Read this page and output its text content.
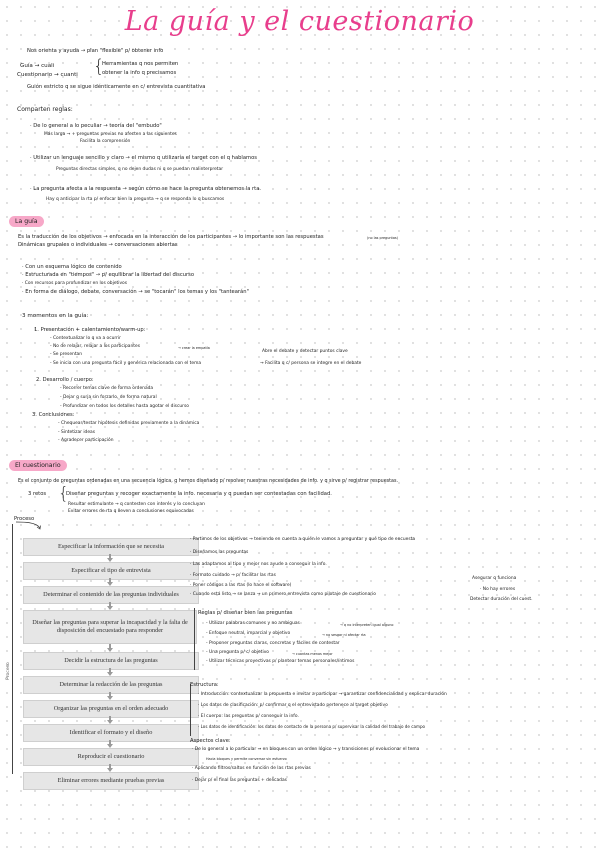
La guía y el cuestionario
Nos orienta y ayuda → plan "flexible" p/ obtener info
Guía → cuali
Cuestionario → cuanti {
Herramientas q nos permiten
obtener la info q precisamos
Guión estricto q se sigue idénticamente en c/ entrevista cuantitativa
Comparten reglas:
· De lo general a lo peculiar → teoría del "embudo"
Más larga → + preguntas previas no afecten a las siguientes
Facilita la comprensión
· Utilizar un lenguaje sencillo y claro → el mismo q utilizaría el target con el q hablamos
Preguntas directas simples, q no dejen dudas ni q se puedan malinterpretar
· La pregunta afecta a la respuesta → según cómo se hace la pregunta obtenemos la rta.
Hay q anticipar la rta p/ enfocar bien la pregunta → q se responda lo q buscamos
La guía
Es la traducción de los objetivos → enfocada en la interacción de los participantes → lo importante son las respuestas	(no las preguntas)
Dinámicas grupales o individuales → conversaciones abiertas
· Con un esquema lógico de contenido
· Estructurada en "tiempos" → p/ equilibrar la libertad del discurso
· Con recursos para profundizar en los objetivos
· En forma de diálogo, debate, conversación → se "tocarán" los temas y los "tantearán"
3 momentos en la guía:
1. Presentación + calentamiento/warm-up:
- Contextualizar lo q va a ocurrir
- No de relajar, relajar a los participantes	→ crear la empatía
- Se presentan
- Se inicia con una pregunta fácil y genérica relacionada con el tema
Abre el debate y detectar puntos clave
→ Facilita q c/ persona se integre en el debate
2. Desarrollo / cuerpo:
- Recorrer temas clave de forma ordenada
- Dejar q surja sin forzarlo, de forma natural
- Profundizar en todos los detalles hasta agotar el discurso
3. Conclusiones:
- Chequear/testar hipótesis definidas previamente a la dinámica
- Sintetizar ideas
- Agradecer participación
El cuestionario
Es el conjunto de preguntas ordenadas en una secuencia lógica, q hemos diseñado p/ resolver nuestras necesidades de info. y q sirve p/ registrar respuestas.
3 retos {
Diseñar preguntas y recoger exactamente la info. necesaria y q puedan ser contestadas con facilidad.
Resultar estimulante → q contesten con interés y lo concluyan
Evitar errores de rta q lleven a conclusiones equivocadas
Proceso
Proceso
Especificar la información que se necesita
Especificar el tipo de entrevista
Determinar el contenido de las preguntas individuales
Diseñar las preguntas para superar la incapacidad y la falta de disposición del encuestado para responder
Decidir la estructura de las preguntas
Determinar la redacción de las preguntas
Organizar las preguntas en el orden adecuado
Identificar el formato y el diseño
Reproducir el cuestionario
Eliminar errores mediante pruebas previas
· Partimos de los objetivos → teniendo en cuenta a quién le vamos a preguntar y qué tipo de encuesta
· Diseñamos las preguntas
· Las adaptamos al tipo y mejor nos ayude a conseguir la info.
· Formato cuidado → p/ facilitar las rtas
· Poner códigos a las rtas (lo hace el software)
· Cuando está listo → se lanza → un primero entrevista como pilotaje de cuestionario
Asegurar q funciona
· No hay errores
Detectar duración del cuest.
Reglas p/ diseñar bien las preguntas
- Utilizar palabras comunes y no ambiguas	→ q no interpreten igual alguno
- Enfoque neutral, imparcial y objetivo	→ no sesgar ni afectar rta
- Proponer preguntas claras, concretas y fáciles de contestar
- Una pregunta p/ c/ objetivo	→ cuantas menos mejor
- Utilizar técnicas proyectivas p/ plantear temas personales/íntimos
Estructura:
· Introducción: contextualizar la propuesta e invitar a participar → garantizar confidencialidad y explicar duración
· Los datos de clasificación: p/ confirmar q el entrevistado pertenece al target objetivo
· El cuerpo: las preguntas p/ conseguir la info.
· Los datos de identificación: los datos de contacto de la persona p/ supervisar la calidad del trabajo de campo
Aspectos clave:
· De lo general a lo particular → en bloques con un orden lógico → y transiciones p/ evolucionar el tema
Hacia bloques y permite conversar sin esfuerzo
· Aplicando filtros/saltos en función de las rtas previas
· Dejar p/ el final las preguntas + delicadas
